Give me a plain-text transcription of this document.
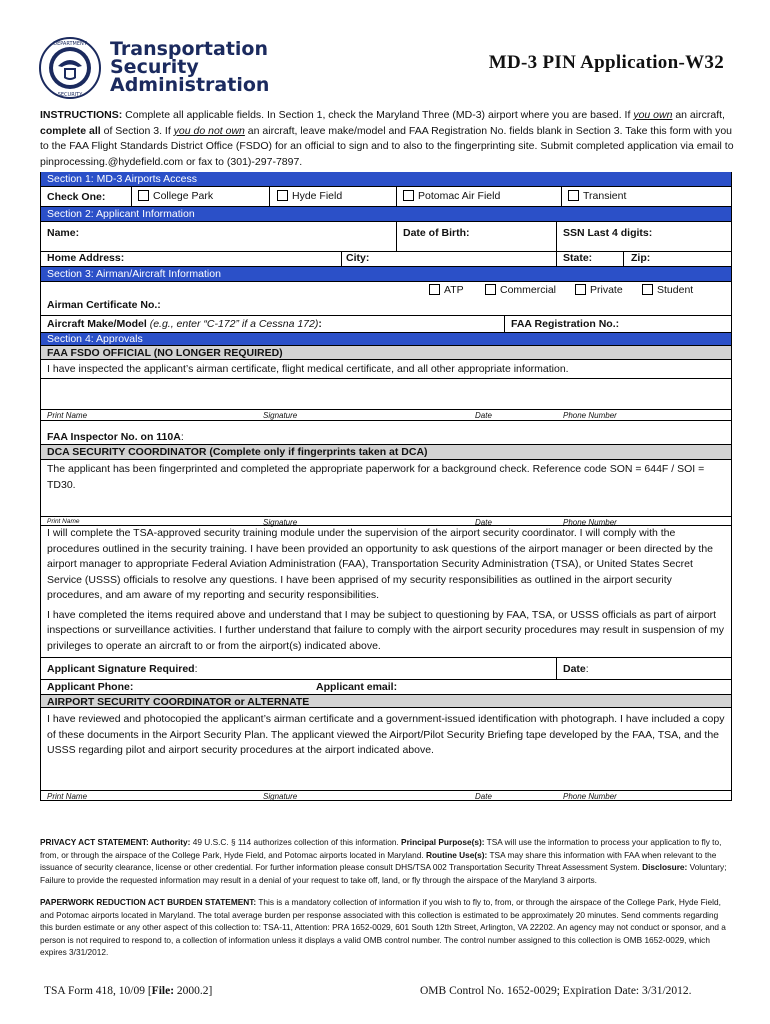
DEPARTMENT
SECURITY
Transportation
Security
Administration
MD-3 PIN Application-W32
INSTRUCTIONS: Complete all applicable fields. In Section 1, check the Maryland Three (MD-3) airport where you are based. If you own an aircraft, complete all of Section 3. If you do not own an aircraft, leave make/model and FAA Registration No. fields blank in Section 3. Take this form with you to the FAA Flight Standards District Office (FSDO) for an official to sign and to also to the fingerprinting site. Submit completed application via email to pinprocessing.@hydefield.com or fax to (301)-297-7897.
Section 1: MD-3 Airports Access
Check One:	College Park	Hyde Field	Potomac Air Field	Transient
Section 2: Applicant Information
Name:	Date of Birth:	SSN Last 4 digits:
Home Address:	City:	State:	Zip:
Section 3: Airman/Aircraft Information
Airman Certificate No.:
ATP	Commercial	Private	Student
Aircraft Make/Model (e.g., enter “C-172” if a Cessna 172):	FAA Registration No.:
Section 4: Approvals
FAA FSDO OFFICIAL (NO LONGER REQUIRED)
I have inspected the applicant’s airman certificate, flight medical certificate, and all other appropriate information.
Print Name	Signature	Date	Phone Number
FAA Inspector No. on 110A:
DCA SECURITY COORDINATOR (Complete only if fingerprints taken at DCA)
The applicant has been fingerprinted and completed the appropriate paperwork for a background check. Reference code SON = 644F / SOI = TD30.
Print Name	Signature	Date	Phone Number
I will complete the TSA-approved security training module under the supervision of the airport security coordinator. I will comply with the procedures outlined in the security training. I have been provided an opportunity to ask questions of the airport manager or been directed by the airport manager to appropriate Federal Aviation Administration (FAA), Transportation Security Administration (TSA), or United States Secret Service (USSS) officials to resolve any questions. I have been apprised of my security responsibilities as outlined in the airport security procedures, and am aware of my reporting and security responsibilities.
I have completed the items required above and understand that I may be subject to questioning by FAA, TSA, or USSS officials as part of airport inspections or surveillance activities. I further understand that failure to comply with the airport security procedures may result in suspension of my privileges to operate an aircraft to or from the airport(s) indicated above.
Applicant Signature Required:	Date:
Applicant Phone:	Applicant email:
AIRPORT SECURITY COORDINATOR or ALTERNATE
I have reviewed and photocopied the applicant’s airman certificate and a government-issued identification with photograph. I have included a copy of these documents in the Airport Security Plan. The applicant viewed the Airport/Pilot Security Briefing tape developed by the FAA, TSA, and the USSS regarding pilot and airport security procedures at the airport indicated above.
Print Name	Signature	Date	Phone Number
PRIVACY ACT STATEMENT: Authority: 49 U.S.C. § 114 authorizes collection of this information. Principal Purpose(s): TSA will use the information to process your application to fly to, from, or through the airspace of the College Park, Hyde Field, and Potomac airports located in Maryland. Routine Use(s): TSA may share this information with FAA when relevant to the issuance of security clearance, license or other credential. For further information please consult DHS/TSA 002 Transportation Security Threat Assessment System. Disclosure: Voluntary; Failure to provide the requested information may result in a denial of your request to take off, land, or fly through the airspace of the Maryland 3 airports.
PAPERWORK REDUCTION ACT BURDEN STATEMENT: This is a mandatory collection of information if you wish to fly to, from, or through the airspace of the College Park, Hyde Field, and Potomac airports located in Maryland. The total average burden per response associated with this collection is estimated to be approximately 20 minutes. Send comments regarding this burden estimate or any other aspect of this collection to: TSA-11, Attention: PRA 1652-0029, 601 South 12th Street, Arlington, VA 22202. An agency may not conduct or sponsor, and a person is not required to respond to, a collection of information unless it displays a valid OMB control number. The control number assigned to this collection is OMB 1652-0029, which expires 3/31/2012.
TSA Form 418, 10/09 [File: 2000.2]	OMB Control No. 1652-0029; Expiration Date: 3/31/2012.
